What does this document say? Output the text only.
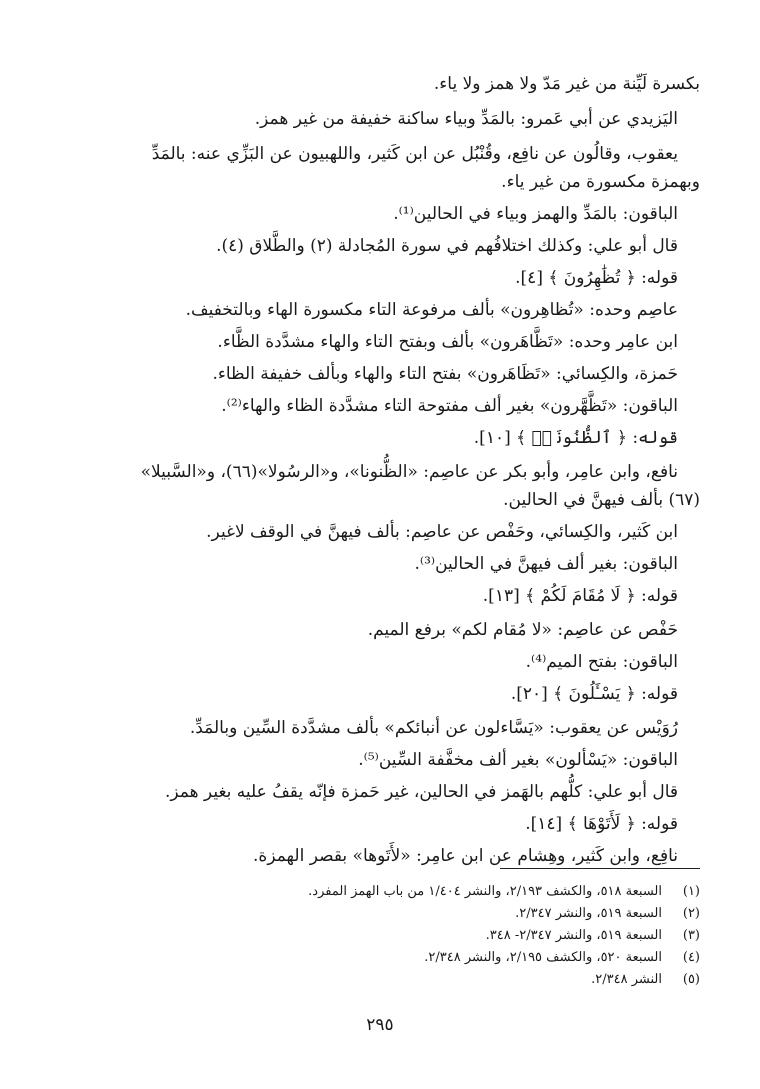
بكسرة لَيِّنة من غير مَدّ ولا همز ولا ياء.
اليَزيدي عن أبي عَمرو: بالمَدِّ وبياء ساكنة خفيفة من غير همز.
يعقوب، وقالُون عن نافِع، وقُنْبُل عن ابن كَثير، واللهبيون عن البَزِّي عنه: بالمَدِّ
وبهمزة مكسورة من غير ياء.
الباقون: بالمَدِّ والهمز وبياء في الحالين⁽¹⁾.
قال أبو علي: وكذلك اختلافُهم في سورة المُجادلة (٢) والطَّلاق (٤).
قوله: ﴿ تُظَٰهِرُونَ ﴾ [٤].
عاصِم وحده: «تُظاهِرون» بألف مرفوعة التاء مكسورة الهاء وبالتخفيف.
ابن عامِر وحده: «تَظَّاهَرون» بألف وبفتح التاء والهاء مشدَّدة الظَّاء.
حَمزة، والكِسائي: «تَظَاهَرون» بفتح التاء والهاء وبألف خفيفة الظاء.
الباقون: «تَظَّهَّرون» بغير ألف مفتوحة التاء مشدَّدة الظاء والهاء⁽²⁾.
قوله: ﴿ ٱلظُّنُونَا۠ ﴾ [١٠].
نافع، وابن عامِر، وأبو بكر عن عاصِم: «الظُّنونا»، و«الرسُولا»(٦٦)، و«السَّبيلا»
(٦٧) بألف فيهنَّ في الحالين.
ابن كَثير، والكِسائي، وحَفْص عن عاصِم: بألف فيهنَّ في الوقف لاغير.
الباقون: بغير ألف فيهنَّ في الحالين⁽³⁾.
قوله: ﴿ لَا مُقَامَ لَكُمْ ﴾ [١٣].
حَفْص عن عاصِم: «لا مُقام لكم» برفع الميم.
الباقون: بفتح الميم⁽⁴⁾.
قوله: ﴿ يَسْـَٔلُونَ ﴾ [٢٠].
رُوَيْس عن يعقوب: «يَسَّاءلون عن أنبائكم» بألف مشدَّدة السِّين وبالمَدِّ.
الباقون: «يَسْألون» بغير ألف مخفَّفة السِّين⁽⁵⁾.
قال أبو علي: كلُّهم بالهَمز في الحالين، غير حَمزة فإنّه يقفُ عليه بغير همز.
قوله: ﴿ لَأَتَوْهَا ﴾ [١٤].
نافِع، وابن كَثير، وهِشام عن ابن عامِر: «لأَتَوها» بقصر الهمزة.
(١)السبعة ٥١٨، والكشف ٢/١٩٣، والنشر ١/٤٠٤ من باب الهمز المفرد.
(٢)السبعة ٥١٩، والنشر ٢/٣٤٧.
(٣)السبعة ٥١٩، والنشر ٢/٣٤٧- ٣٤٨.
(٤)السبعة ٥٢٠، والكشف ٢/١٩٥، والنشر ٢/٣٤٨.
(٥)النشر ٢/٣٤٨.
٢٩٥
